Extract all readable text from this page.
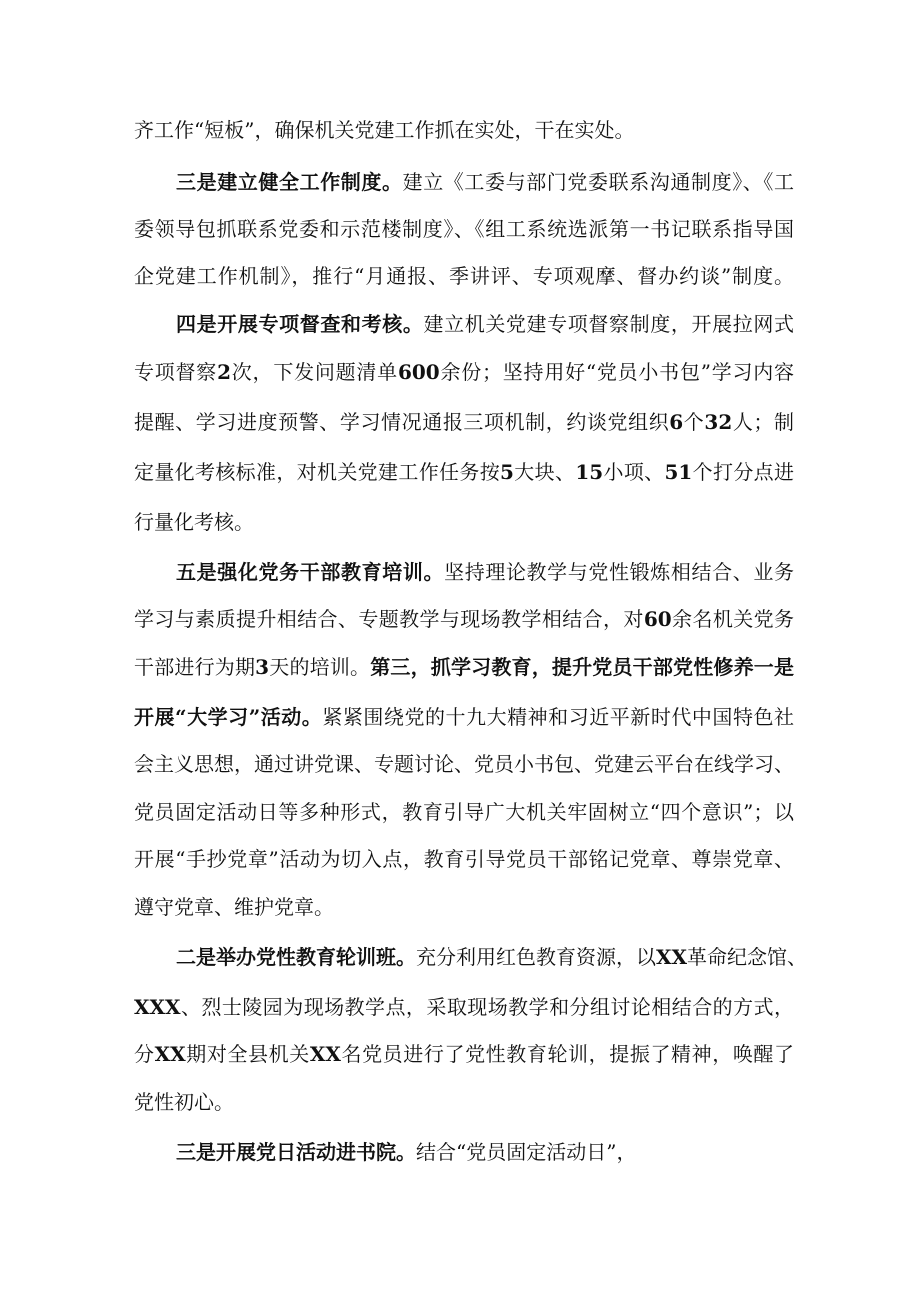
齐工作“短板”，确保机关党建工作抓在实处，干在实处。
三是建立健全工作制度。建立《工委与部门党委联系沟通制度》、《工
委领导包抓联系党委和示范楼制度》、《组工系统选派第一书记联系指导国
企党建工作机制》，推行“月通报、季讲评、专项观摩、督办约谈”制度。
四是开展专项督查和考核。建立机关党建专项督察制度，开展拉网式
专项督察2次，下发问题清单600余份；坚持用好“党员小书包”学习内容
提醒、学习进度预警、学习情况通报三项机制，约谈党组织6个32人；制
定量化考核标准，对机关党建工作任务按5大块、15小项、51个打分点进
行量化考核。
五是强化党务干部教育培训。坚持理论教学与党性锻炼相结合、业务
学习与素质提升相结合、专题教学与现场教学相结合，对60余名机关党务
干部进行为期3天的培训。第三，抓学习教育，提升党员干部党性修养一是
开展“大学习”活动。紧紧围绕党的十九大精神和习近平新时代中国特色社
会主义思想，通过讲党课、专题讨论、党员小书包、党建云平台在线学习、
党员固定活动日等多种形式，教育引导广大机关牢固树立“四个意识”；以
开展“手抄党章”活动为切入点，教育引导党员干部铭记党章、尊崇党章、
遵守党章、维护党章。
二是举办党性教育轮训班。充分利用红色教育资源，以XX革命纪念馆、
XXX、烈士陵园为现场教学点，采取现场教学和分组讨论相结合的方式，
分XX期对全县机关XX名党员进行了党性教育轮训，提振了精神，唤醒了
党性初心。
三是开展党日活动进书院。结合“党员固定活动日”，
